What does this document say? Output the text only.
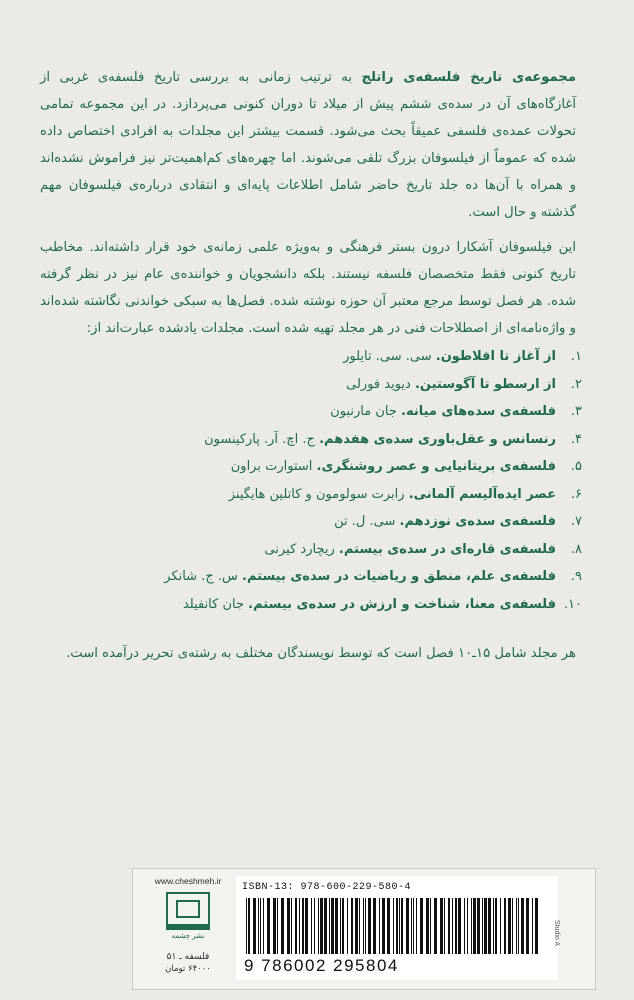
مجموعه‌ی تاریخ فلسفه‌ی راتلج به ترتیب زمانی به بررسی تاریخ فلسفه‌ی غربی از آغازگاه‌های آن در سده‌ی ششم پیش از میلاد تا دوران کنونی می‌پردازد. در این مجموعه تمامی تحولات عمده‌ی فلسفی عمیقاً بحث می‌شود. قسمت بیشتر این مجلدات به افرادی اختصاص داده شده که عموماً از فیلسوفان بزرگ تلقی می‌شوند. اما چهره‌های کم‌اهمیت‌تر نیز فراموش نشده‌اند و همراه با آن‌ها ده جلد تاریخ حاضر شامل اطلاعات پایه‌ای و انتقادی درباره‌ی فیلسوفان مهم گذشته و حال است.
این فیلسوفان آشکارا درون بستر فرهنگی و به‌ویژه علمی زمانه‌ی خود قرار داشته‌اند. مخاطب تاریخ کنونی فقط متخصصان فلسفه نیستند. بلکه دانشجویان و خواننده‌ی عام نیز در نظر گرفته شده. هر فصل توسط مرجع معتبر آن حوزه نوشته شده. فصل‌ها به سبکی خواندنی نگاشته شده‌اند و واژه‌نامه‌ای از اصطلاحات فنی در هر مجلد تهیه شده است. مجلدات یادشده عبارت‌اند از:
۱.از آغاز تا افلاطون. سی. سی. تایلور
۲.از ارسطو تا آگوستین. دیوید فورلی
۳.فلسفه‌ی سده‌های میانه. جان مارنبون
۴.رنسانس و عقل‌باوری سده‌ی هفدهم. ج. اچ. آر. پارکینسون
۵.فلسفه‌ی بریتانیایی و عصر روشنگری. استوارت براون
۶.عصر ایده‌آلیسم آلمانی. رابرت سولومون و کاتلین هایگینز
۷.فلسفه‌ی سده‌ی نوزدهم. سی. ل. تن
۸.فلسفه‌ی قاره‌ای در سده‌ی بیستم. ریچارد کیرنی
۹.فلسفه‌ی علم، منطق و ریاضیات در سده‌ی بیستم. س. ج. شانکر
۱۰.فلسفه‌ی معنا، شناخت و ارزش در سده‌ی بیستم. جان کانفیلد
هر مجلد شامل ۱۵ـ۱۰ فصل است که توسط نویسندگان مختلف به رشته‌ی تحریر درآمده است.
www.cheshmeh.ir
نشر چشمه
فلسفه ـ ۵۱
۶۴۰۰۰ تومان
ISBN-13: 978-600-229-580-4
9 786002 295804
Studio A
